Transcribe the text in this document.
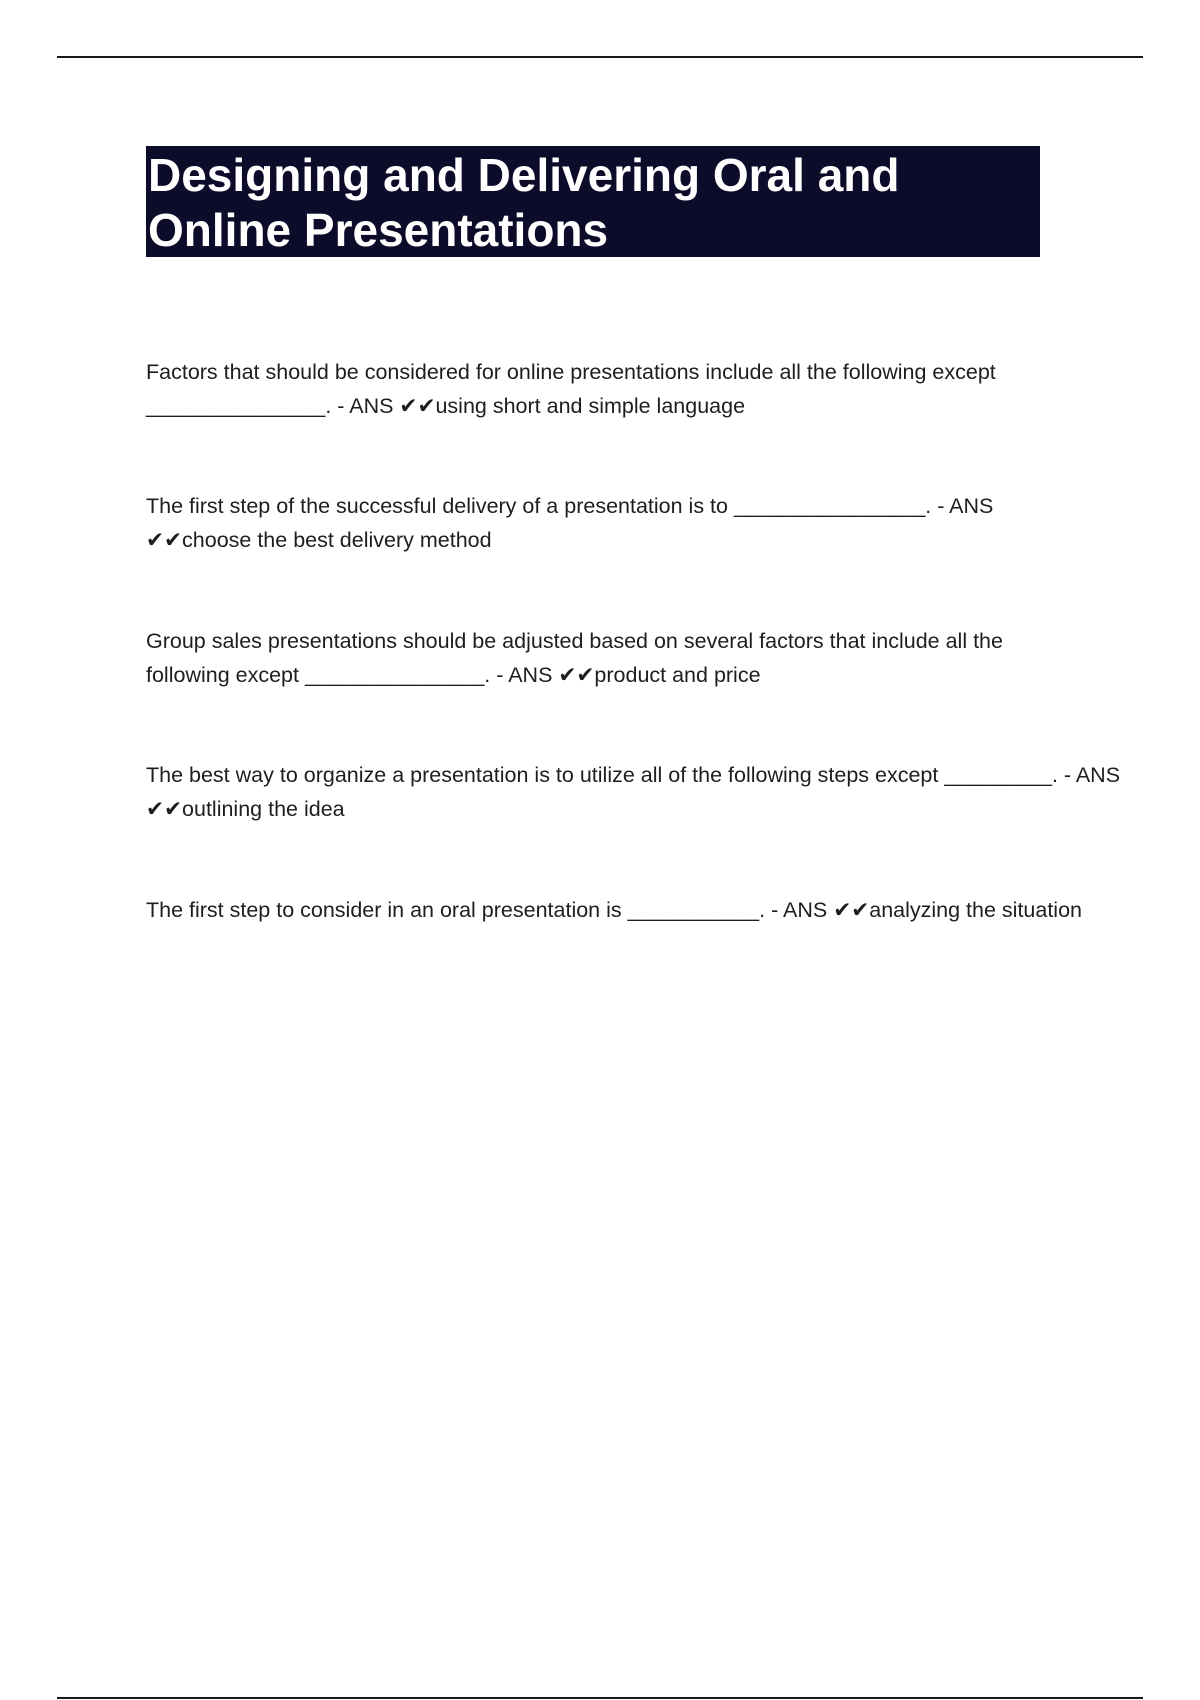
Designing and Delivering Oral and Online Presentations

Factors that should be considered for online presentations include all the following except _______________. - ANS ✔✔using short and simple language

The first step of the successful delivery of a presentation is to ________________. - ANS ✔✔choose the best delivery method

Group sales presentations should be adjusted based on several factors that include all the following except _______________. - ANS ✔✔product and price

The best way to organize a presentation is to utilize all of the following steps except _________. - ANS ✔✔outlining the idea

The first step to consider in an oral presentation is ___________. - ANS ✔✔analyzing the situation
